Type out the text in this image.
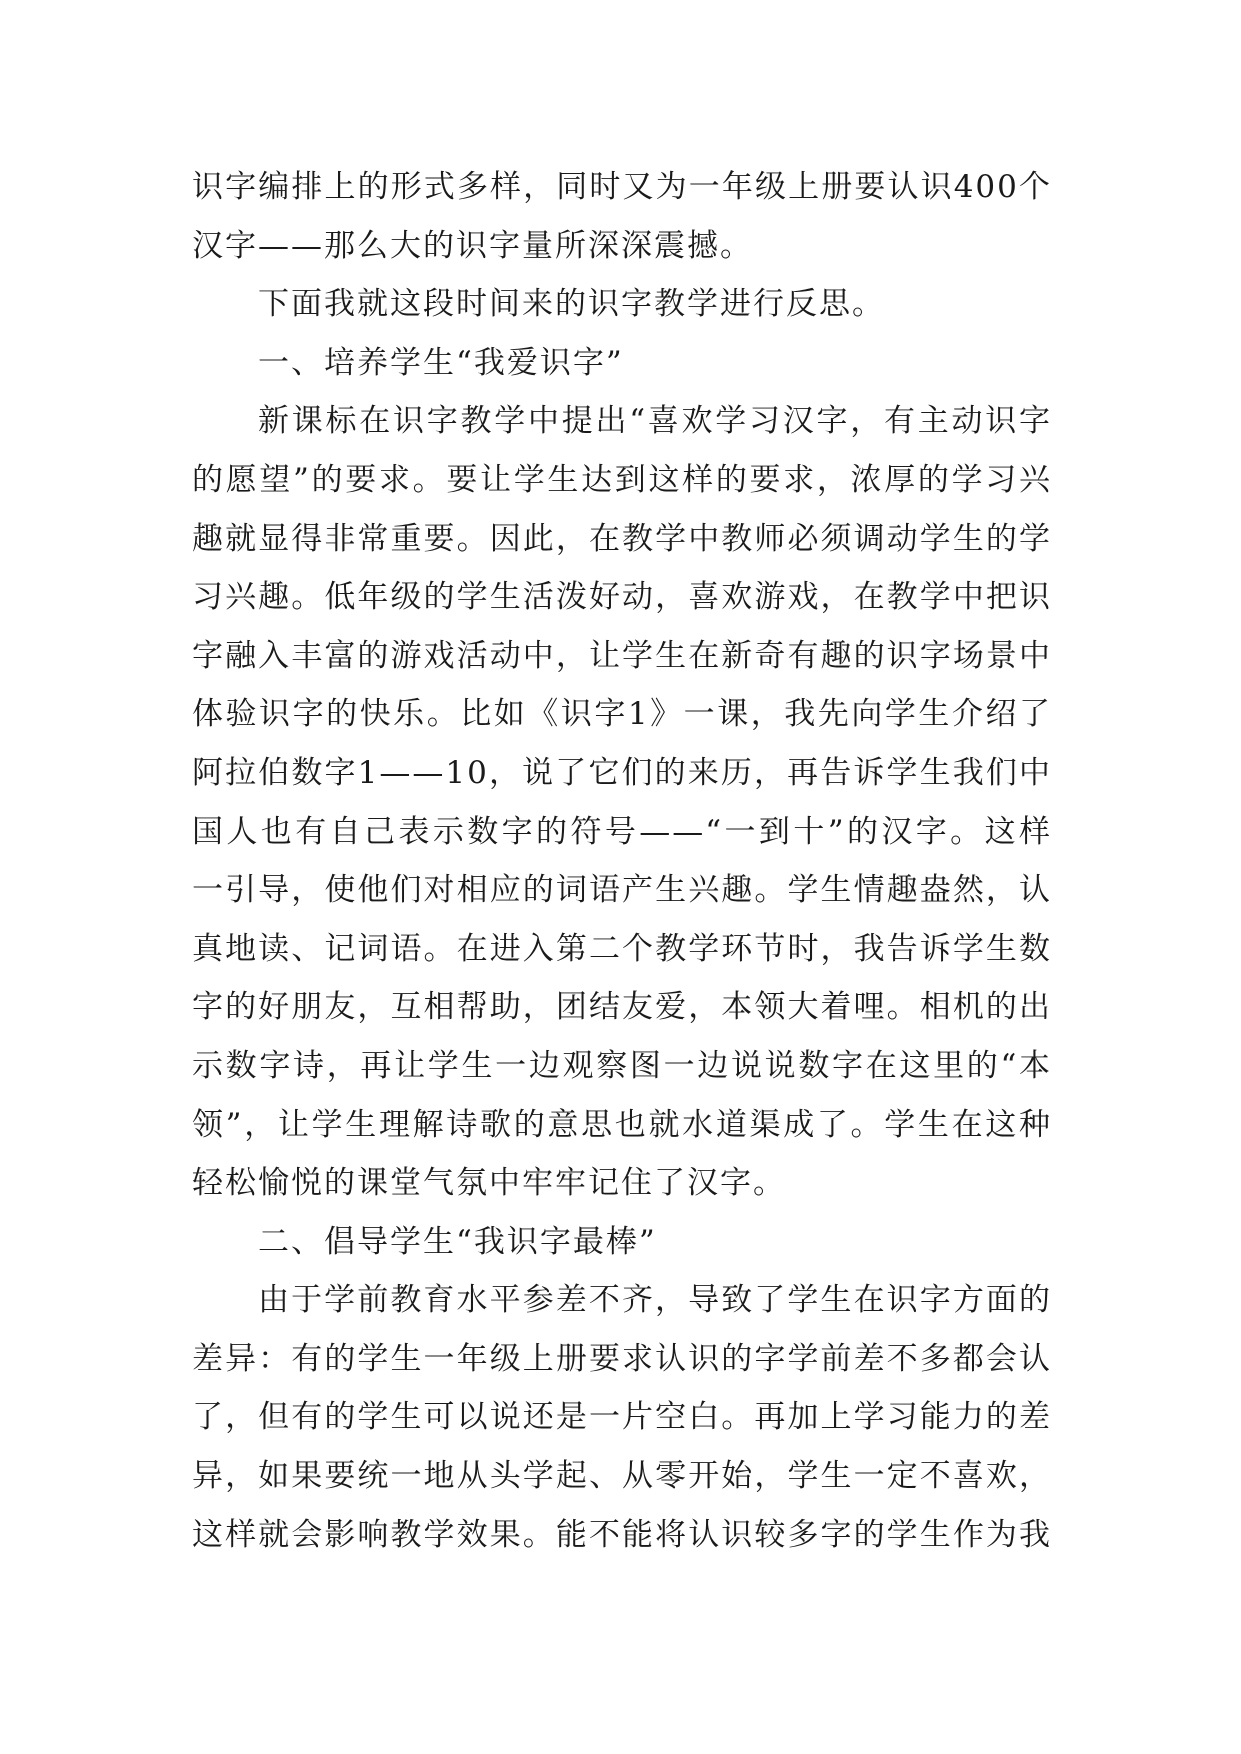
识字编排上的形式多样，同时又为一年级上册要认识400个
汉字——那么大的识字量所深深震撼。
下面我就这段时间来的识字教学进行反思。
一、培养学生“我爱识字”
新课标在识字教学中提出“喜欢学习汉字，有主动识字
的愿望”的要求。要让学生达到这样的要求，浓厚的学习兴
趣就显得非常重要。因此，在教学中教师必须调动学生的学
习兴趣。低年级的学生活泼好动，喜欢游戏，在教学中把识
字融入丰富的游戏活动中，让学生在新奇有趣的识字场景中
体验识字的快乐。比如《识字1》一课，我先向学生介绍了
阿拉伯数字1——10，说了它们的来历，再告诉学生我们中
国人也有自己表示数字的符号——“一到十”的汉字。这样
一引导，使他们对相应的词语产生兴趣。学生情趣盎然，认
真地读、记词语。在进入第二个教学环节时，我告诉学生数
字的好朋友，互相帮助，团结友爱，本领大着哩。相机的出
示数字诗，再让学生一边观察图一边说说数字在这里的“本
领”，让学生理解诗歌的意思也就水道渠成了。学生在这种
轻松愉悦的课堂气氛中牢牢记住了汉字。
二、倡导学生“我识字最棒”
由于学前教育水平参差不齐，导致了学生在识字方面的
差异：有的学生一年级上册要求认识的字学前差不多都会认
了，但有的学生可以说还是一片空白。再加上学习能力的差
异，如果要统一地从头学起、从零开始，学生一定不喜欢，
这样就会影响教学效果。能不能将认识较多字的学生作为我
